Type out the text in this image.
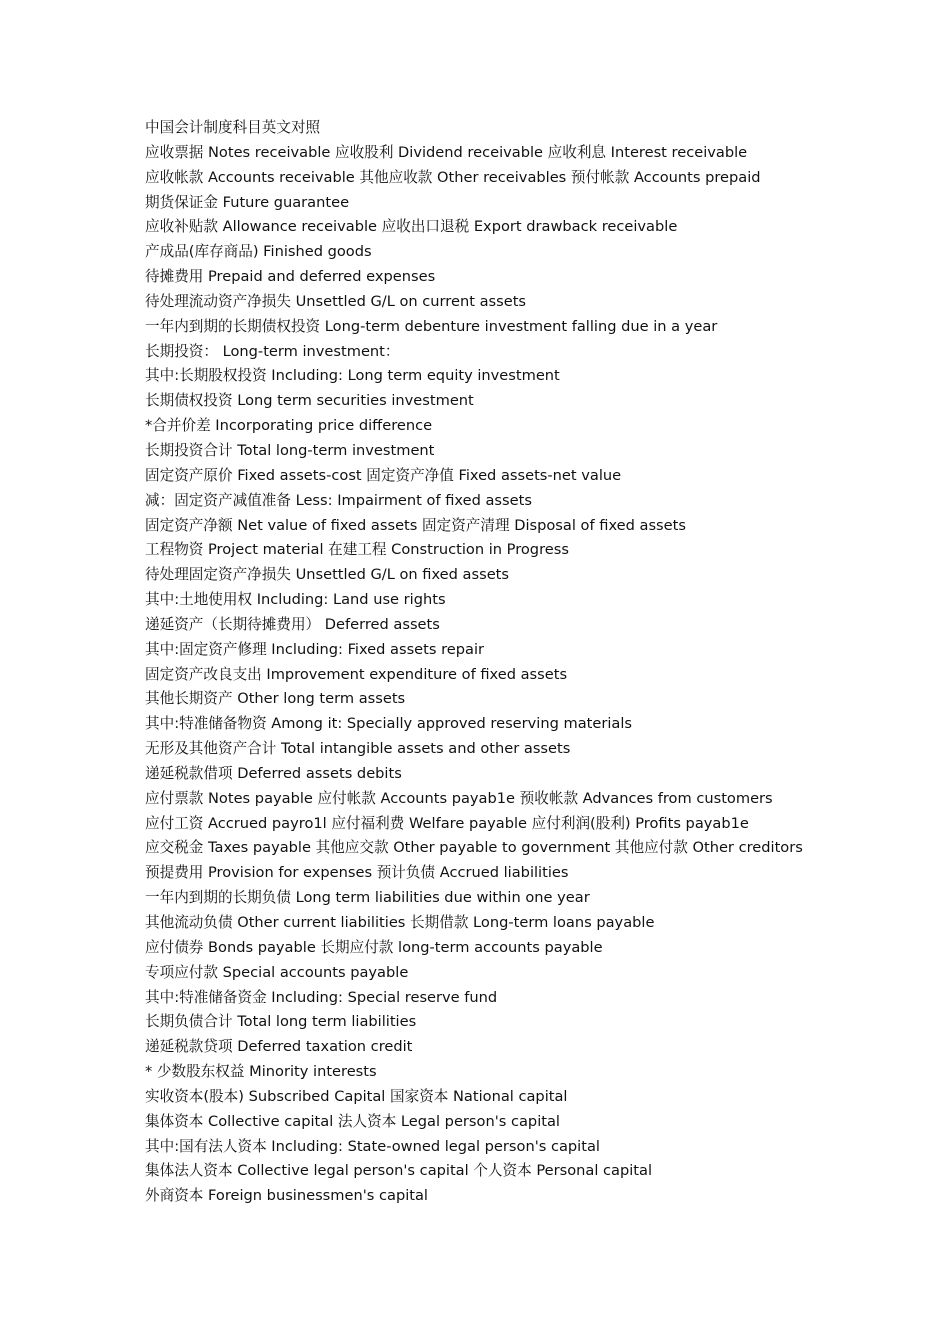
中国会计制度科目英文对照
应收票据 Notes receivable 应收股利 Dividend receivable 应收利息 Interest receivable
应收帐款 Accounts receivable 其他应收款 Other receivables 预付帐款 Accounts prepaid
期货保证金 Future guarantee
应收补贴款 Allowance receivable 应收出口退税 Export drawback receivable
产成品(库存商品) Finished goods
待摊费用 Prepaid and deferred expenses
待处理流动资产净损失 Unsettled G/L on current assets
一年内到期的长期债权投资 Long-term debenture investment falling due in a year
长期投资： Long-term investment：
其中:长期股权投资 Including: Long term equity investment
长期债权投资 Long term securities investment
*合并价差 Incorporating price difference
长期投资合计 Total long-term investment
固定资产原价 Fixed assets-cost 固定资产净值 Fixed assets-net value
减：固定资产减值准备 Less: Impairment of fixed assets
固定资产净额 Net value of fixed assets 固定资产清理 Disposal of fixed assets
工程物资 Project material 在建工程 Construction in Progress
待处理固定资产净损失 Unsettled G/L on fixed assets
其中:土地使用权 Including: Land use rights
递延资产（长期待摊费用） Deferred assets
其中:固定资产修理 Including: Fixed assets repair
固定资产改良支出 Improvement expenditure of fixed assets
其他长期资产 Other long term assets
其中:特准储备物资 Among it: Specially approved reserving materials
无形及其他资产合计 Total intangible assets and other assets
递延税款借项 Deferred assets debits
应付票款 Notes payable 应付帐款 Accounts payab1e 预收帐款 Advances from customers
应付工资 Accrued payro1l 应付福利费 Welfare payable 应付利润(股利) Profits payab1e
应交税金 Taxes payable 其他应交款 Other payable to government 其他应付款 Other creditors
预提费用 Provision for expenses 预计负债 Accrued liabilities
一年内到期的长期负债 Long term liabilities due within one year
其他流动负债 Other current liabilities 长期借款 Long-term loans payable
应付债券 Bonds payable 长期应付款 long-term accounts payable
专项应付款 Special accounts payable
其中:特准储备资金 Including: Special reserve fund
长期负债合计 Total long term liabilities
递延税款贷项 Deferred taxation credit
* 少数股东权益 Minority interests
实收资本(股本) Subscribed Capital 国家资本 National capital
集体资本 Collective capital 法人资本 Legal person's capital
其中:国有法人资本 Including: State-owned legal person's capital
集体法人资本 Collective legal person's capital 个人资本 Personal capital
外商资本 Foreign businessmen's capital
